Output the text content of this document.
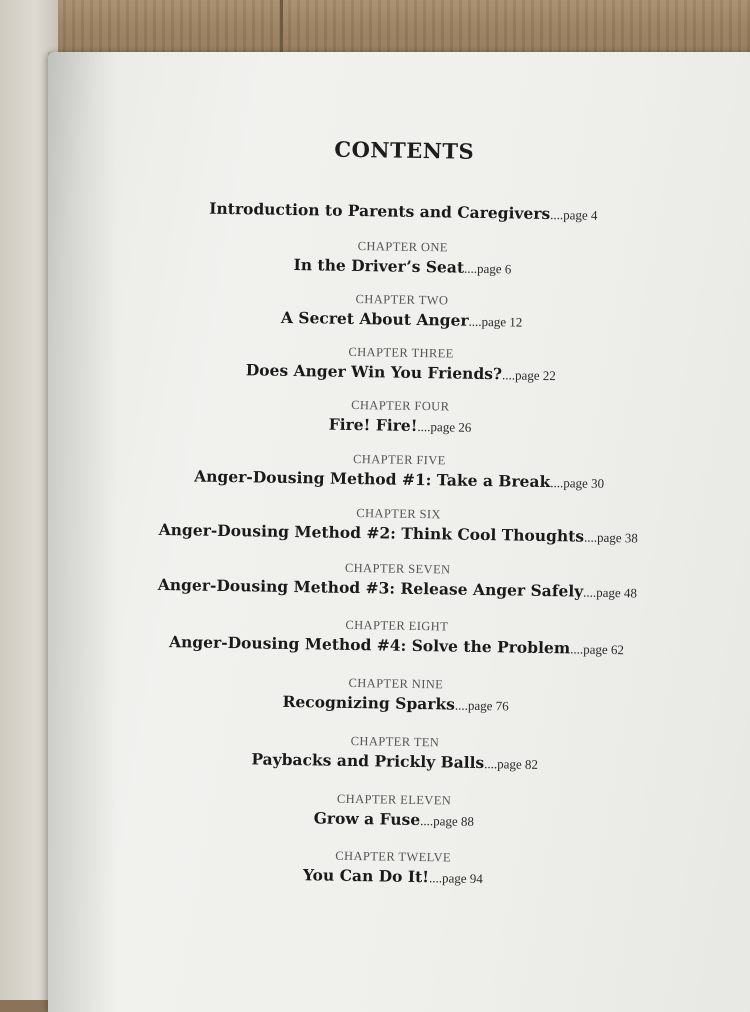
CONTENTS
Introduction to Parents and Caregivers....page 4
CHAPTER ONE
In the Driver’s Seat....page 6
CHAPTER TWO
A Secret About Anger....page 12
CHAPTER THREE
Does Anger Win You Friends?....page 22
CHAPTER FOUR
Fire! Fire!....page 26
CHAPTER FIVE
Anger-Dousing Method #1: Take a Break....page 30
CHAPTER SIX
Anger-Dousing Method #2: Think Cool Thoughts....page 38
CHAPTER SEVEN
Anger-Dousing Method #3: Release Anger Safely....page 48
CHAPTER EIGHT
Anger-Dousing Method #4: Solve the Problem....page 62
CHAPTER NINE
Recognizing Sparks....page 76
CHAPTER TEN
Paybacks and Prickly Balls....page 82
CHAPTER ELEVEN
Grow a Fuse....page 88
CHAPTER TWELVE
You Can Do It!....page 94
